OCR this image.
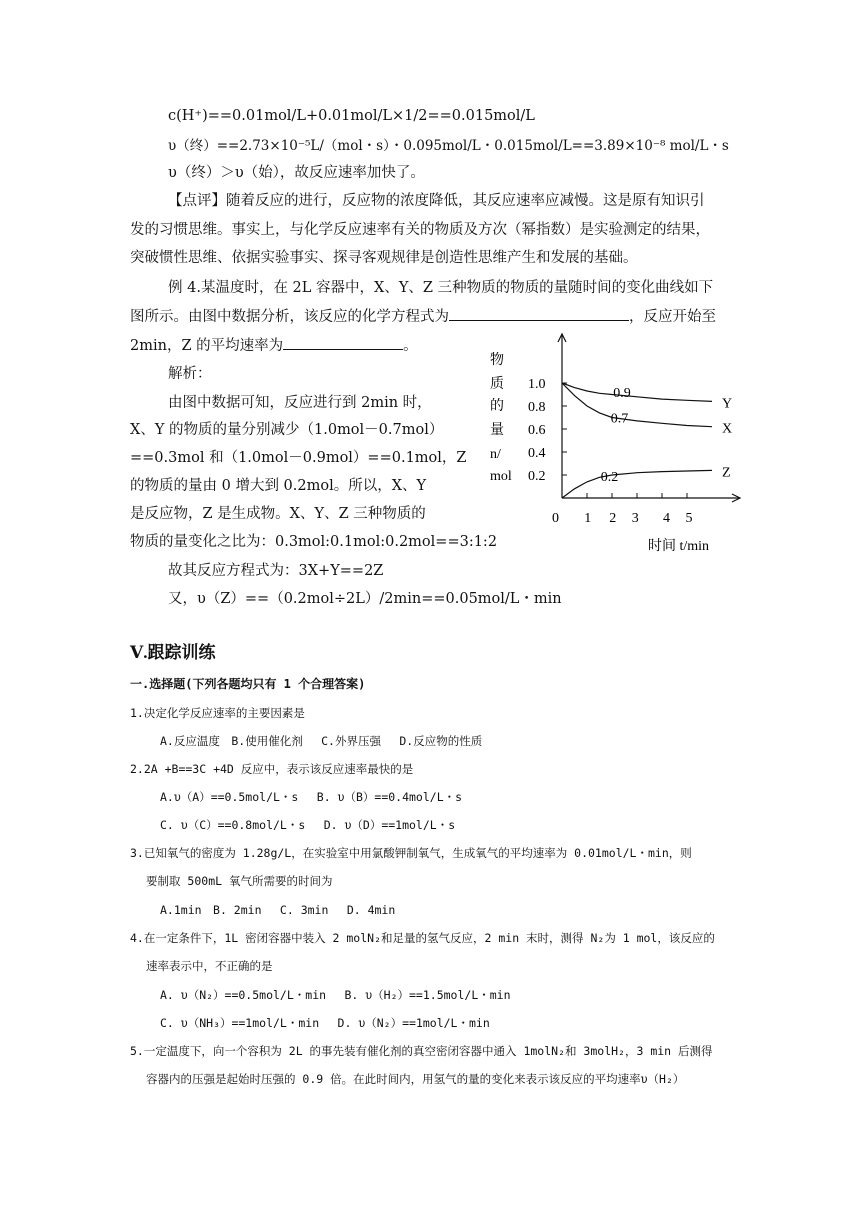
c(H⁺)==0.01mol/L+0.01mol/L×1/2==0.015mol/L
υ（终）==2.73×10⁻⁵L/（mol・s）・0.095mol/L・0.015mol/L==3.89×10⁻⁸ mol/L・s
υ（终）＞υ（始），故反应速率加快了。
【点评】随着反应的进行，反应物的浓度降低，其反应速率应减慢。这是原有知识引
发的习惯思维。事实上，与化学反应速率有关的物质及方次（幂指数）是实验测定的结果，
突破惯性思维、依据实验事实、探寻客观规律是创造性思维产生和发展的基础。
例 4.某温度时，在 2L 容器中，X、Y、Z 三种物质的物质的量随时间的变化曲线如下
图所示。由图中数据分析，该反应的化学方程式为	，反应开始至
2min，Z 的平均速率为	。
解析：
由图中数据可知，反应进行到 2min 时，
X、Y 的物质的量分别减少（1.0mol－0.7mol）
==0.3mol 和（1.0mol－0.9mol）==0.1mol，Z
的物质的量由 0 增大到 0.2mol。所以，X、Y
是反应物，Z 是生成物。X、Y、Z 三种物质的
物质的量变化之比为：0.3mol:0.1mol:0.2mol==3:1:2
故其反应方程式为：3X+Y==2Z
又，υ（Z）==（0.2mol÷2L）/2min==0.05mol/L・min
物
质
的
量
n/
mol
1.0
0.8
0.6
0.4
0.2
0 1 2 3 4 5
时间 t/min
Y
X
Z
0.9
0.7
0.2
Ⅴ.跟踪训练
一.选择题(下列各题均只有 1 个合理答案)
1.决定化学反应速率的主要因素是
A.反应温度　B.使用催化剂　 C.外界压强　 D.反应物的性质
2.2A +B==3C +4D 反应中，表示该反应速率最快的是
A.υ（A）==0.5mol/L・s　 B. υ（B）==0.4mol/L・s
C. υ（C）==0.8mol/L・s　 D. υ（D）==1mol/L・s
3.已知氧气的密度为 1.28g/L，在实验室中用氯酸钾制氧气，生成氧气的平均速率为 0.01mol/L・min，则
要制取 500mL 氧气所需要的时间为
A.1min　B. 2min　 C. 3min　 D. 4min
4.在一定条件下，1L 密闭容器中装入 2 molN₂和足量的氢气反应，2 min 末时，测得 N₂为 1 mol，该反应的
速率表示中，不正确的是
A. υ（N₂）==0.5mol/L・min　 B. υ（H₂）==1.5mol/L・min
C. υ（NH₃）==1mol/L・min　 D. υ（N₂）==1mol/L・min
5.一定温度下，向一个容积为 2L 的事先装有催化剂的真空密闭容器中通入 1molN₂和 3molH₂，3 min 后测得
容器内的压强是起始时压强的 0.9 倍。在此时间内，用氢气的量的变化来表示该反应的平均速率υ（H₂）
